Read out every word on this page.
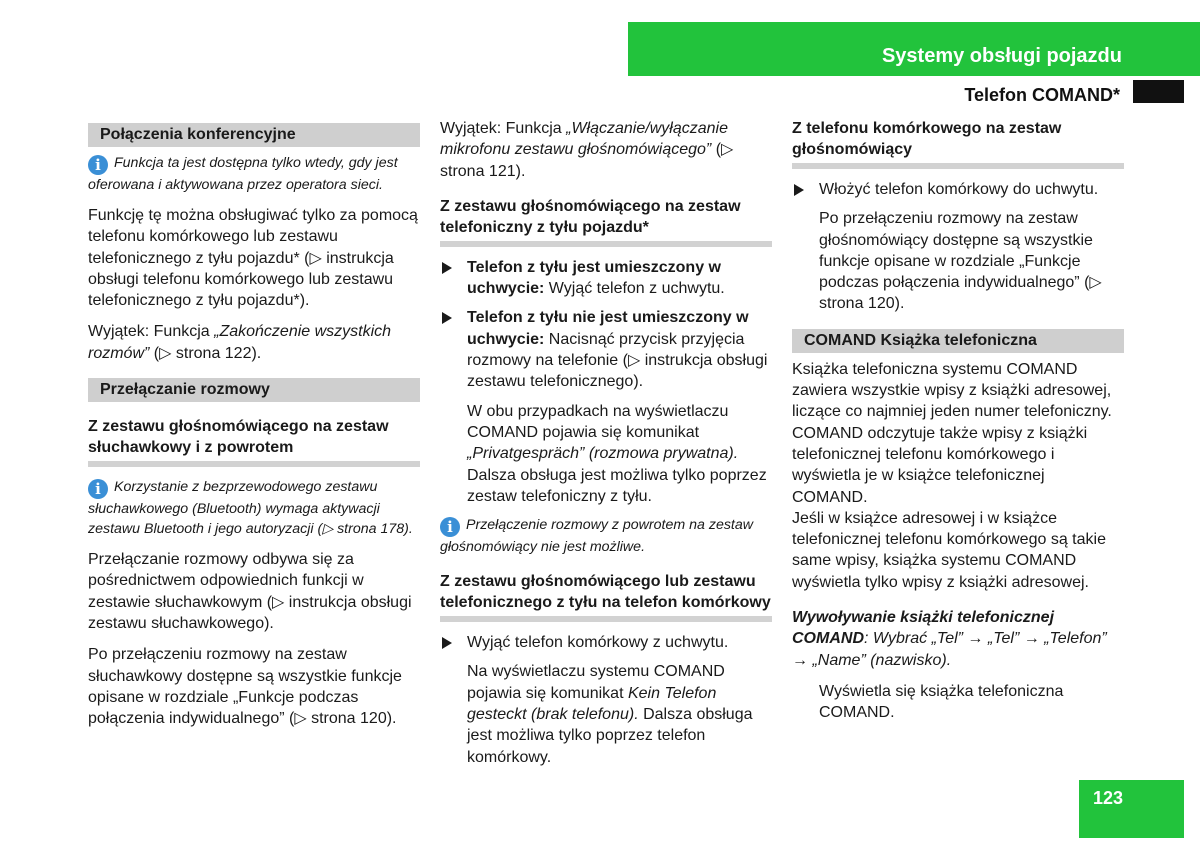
Systemy obsługi pojazdu
Telefon COMAND*
Połączenia konferencyjne
i Funkcja ta jest dostępna tylko wtedy, gdy jest oferowana i aktywowana przez operatora sieci.

Funkcję tę można obsługiwać tylko za pomocą telefonu komórkowego lub zestawu telefonicznego z tyłu pojazdu* (▷ instrukcja obsługi telefonu komórkowego lub zestawu telefonicznego z tyłu pojazdu*).

Wyjątek: Funkcja „Zakończenie wszystkich rozmów” (▷ strona 122).

Przełączanie rozmowy
Z zestawu głośnomówiącego na zestaw słuchawkowy i z powrotem
i Korzystanie z bezprzewodowego zestawu słuchawkowego (Bluetooth) wymaga aktywacji zestawu Bluetooth i jego autoryzacji (▷ strona 178).

Przełączanie rozmowy odbywa się za pośrednictwem odpowiednich funkcji w zestawie słuchawkowym (▷ instrukcja obsługi zestawu słuchawkowego).

Po przełączeniu rozmowy na zestaw słuchawkowy dostępne są wszystkie funkcje opisane w rozdziale „Funkcje podczas połączenia indywidualnego” (▷ strona 120).

Wyjątek: Funkcja „Włączanie/wyłączanie mikrofonu zestawu głośnomówiącego” (▷ strona 121).

Z zestawu głośnomówiącego na zestaw telefoniczny z tyłu pojazdu*
Telefon z tyłu jest umieszczony w uchwycie: Wyjąć telefon z uchwytu.
Telefon z tyłu nie jest umieszczony w uchwycie: Nacisnąć przycisk przyjęcia rozmowy na telefonie (▷ instrukcja obsługi zestawu telefonicznego).
W obu przypadkach na wyświetlaczu COMAND pojawia się komunikat „Privatgespräch” (rozmowa prywatna). Dalsza obsługa jest możliwa tylko poprzez zestaw telefoniczny z tyłu.
i Przełączenie rozmowy z powrotem na zestaw głośnomówiący nie jest możliwe.
Z zestawu głośnomówiącego lub zestawu telefonicznego z tyłu na telefon komórkowy
Wyjąć telefon komórkowy z uchwytu.
Na wyświetlaczu systemu COMAND pojawia się komunikat Kein Telefon gesteckt (brak telefonu). Dalsza obsługa jest możliwa tylko poprzez telefon komórkowy.
Z telefonu komórkowego na zestaw głośnomówiący
Włożyć telefon komórkowy do uchwytu.
Po przełączeniu rozmowy na zestaw głośnomówiący dostępne są wszystkie funkcje opisane w rozdziale „Funkcje podczas połączenia indywidualnego” (▷ strona 120).
COMAND Książka telefoniczna

Książka telefoniczna systemu COMAND zawiera wszystkie wpisy z książki adresowej, liczące co najmniej jeden numer telefoniczny. COMAND odczytuje także wpisy z książki telefonicznej telefonu komórkowego i wyświetla je w książce telefonicznej COMAND.

Jeśli w książce adresowej i w książce telefonicznej telefonu komórkowego są takie same wpisy, książka systemu COMAND wyświetla tylko wpisy z książki adresowej.

Wywoływanie książki telefonicznej COMAND: Wybrać „Tel” → „Tel” → „Telefon” → „Name” (nazwisko).

Wyświetla się książka telefoniczna COMAND.
123
